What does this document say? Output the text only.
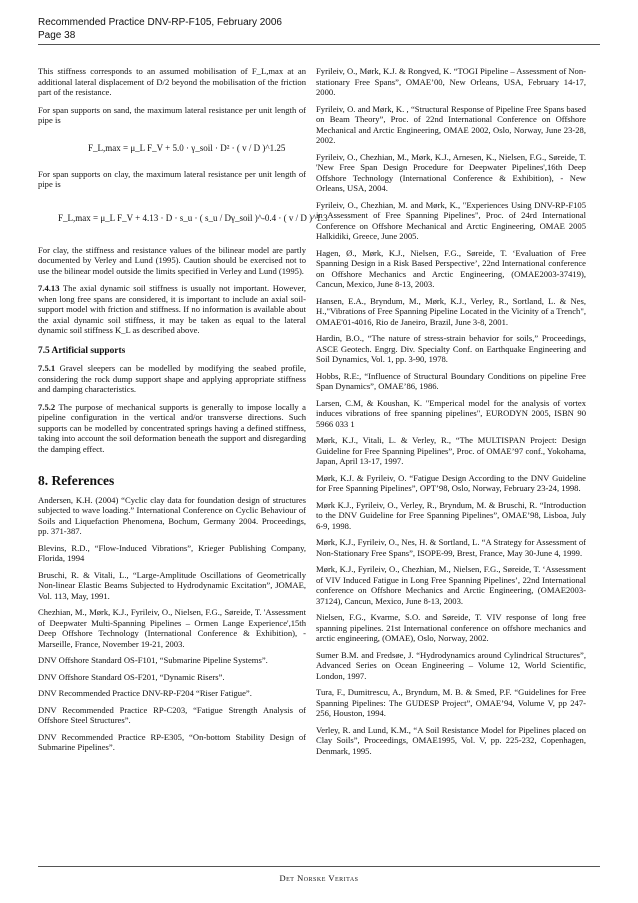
Recommended Practice DNV-RP-F105, February 2006
Page 38

This stiffness corresponds to an assumed mobilisation of F_L,max at an additional lateral displacement of D/2 beyond the mobilisation of the friction part of the resistance.

For span supports on sand, the maximum lateral resistance per unit length of pipe is

F_L,max = μ_L F_V + 5.0 · γ_soil · D² · ( v / D )^1.25

For span supports on clay, the maximum lateral resistance per unit length of pipe is

F_L,max = μ_L F_V + 4.13 · D · s_u · ( s_u / Dγ_soil )^-0.4 · ( v / D )^1.3

For clay, the stiffness and resistance values of the bilinear model are partly documented by Verley and Lund (1995). Caution should be exercised not to use the bilinear model outside the limits specified in Verley and Lund (1995).

7.4.13 The axial dynamic soil stiffness is usually not important. However, when long free spans are considered, it is important to include an axial soil-support model with friction and stiffness. If no information is available about the axial dynamic soil stiffness, it may be taken as equal to the lateral dynamic soil stiffness K_L as described above.

7.5 Artificial supports

7.5.1 Gravel sleepers can be modelled by modifying the seabed profile, considering the rock dump support shape and applying appropriate stiffness and damping characteristics.

7.5.2 The purpose of mechanical supports is generally to impose locally a pipeline configuration in the vertical and/or transverse directions. Such supports can be modelled by concentrated springs having a defined stiffness, taking into account the soil deformation beneath the support and disregarding the damping effect.

8. References

Andersen, K.H. (2004) “Cyclic clay data for foundation design of structures subjected to wave loading.” International Conference on Cyclic Behaviour of Soils and Liquefaction Phenomena, Bochum, Germany 2004. Proceedings, pp. 371-387.

Blevins, R.D., “Flow-Induced Vibrations”, Krieger Publishing Company, Florida, 1994

Bruschi, R. & Vitali, L., “Large-Amplitude Oscillations of Geometrically Non-linear Elastic Beams Subjected to Hydrodynamic Excitation”, JOMAE, Vol. 113, May, 1991.

Chezhian, M., Mørk, K.J., Fyrileiv, O., Nielsen, F.G., Søreide, T. 'Assessment of Deepwater Multi-Spanning Pipelines – Ormen Lange Experience',15th Deep Offshore Technology (International Conference & Exhibition), - Marseille, France, November 19-21, 2003.

DNV Offshore Standard OS-F101, “Submarine Pipeline Systems”.

DNV Offshore Standard OS-F201, “Dynamic Risers”.

DNV Recommended Practice DNV-RP-F204 “Riser Fatigue”.

DNV Recommended Practice RP-C203, “Fatigue Strength Analysis of Offshore Steel Structures”.

DNV Recommended Practice RP-E305, “On-bottom Stability Design of Submarine Pipelines”.

Fyrileiv, O., Mørk, K.J. & Rongved, K. “TOGI Pipeline – Assessment of Non-stationary Free Spans”, OMAE’00, New Orleans, USA, February 14-17, 2000.

Fyrileiv, O. and Mørk, K. , “Structural Response of Pipeline Free Spans based on Beam Theory”, Proc. of 22nd International Conference on Offshore Mechanical and Arctic Engineering, OMAE 2002, Oslo, Norway, June 23-28, 2002.

Fyrileiv, O., Chezhian, M., Mørk, K.J., Arnesen, K., Nielsen, F.G., Søreide, T. 'New Free Span Design Procedure for Deepwater Pipelines',16th Deep Offshore Technology (International Conference & Exhibition), - New Orleans, USA, 2004.

Fyrileiv, O., Chezhian, M. and Mørk, K., "Experiences Using DNV-RP-F105 in Assessment of Free Spanning Pipelines", Proc. of 24rd International Conference on Offshore Mechanical and Arctic Engineering, OMAE 2005 Halkidiki, Greece, June 2005.

Hagen, Ø., Mørk, K.J., Nielsen, F.G., Søreide, T. ‘Evaluation of Free Spanning Design in a Risk Based Perspective’, 22nd International conference on Offshore Mechanics and Arctic Engineering, (OMAE2003-37419), Cancun, Mexico, June 8-13, 2003.

Hansen, E.A., Bryndum, M., Mørk, K.J., Verley, R., Sortland, L. & Nes, H.,"Vibrations of Free Spanning Pipeline Located in the Vicinity of a Trench", OMAE'01-4016, Rio de Janeiro, Brazil, June 3-8, 2001.

Hardin, B.O., “The nature of stress-strain behavior for soils,” Proceedings, ASCE Geotech. Engrg. Div. Specialty Conf. on Earthquake Engineering and Soil Dynamics, Vol. 1, pp. 3-90, 1978.

Hobbs, R.E:, “Influence of Structural Boundary Conditions on pipeline Free Span Dynamics”, OMAE’86, 1986.

Larsen, C.M, & Koushan, K. "Emperical model for the analysis of vortex induces vibrations of free spanning pipelines", EURODYN 2005, ISBN 90 5966 033 1

Mørk, K.J., Vitali, L. & Verley, R., “The MULTISPAN Project: Design Guideline for Free Spanning Pipelines”, Proc. of OMAE’97 conf., Yokohama, Japan, April 13-17, 1997.

Mørk, K.J. & Fyrileiv, O. “Fatigue Design According to the DNV Guideline for Free Spanning Pipelines”, OPT’98, Oslo, Norway, February 23-24, 1998.

Mørk K.J., Fyrileiv, O., Verley, R., Bryndum, M. & Bruschi, R. “Introduction to the DNV Guideline for Free Spanning Pipelines”, OMAE’98, Lisboa, July 6-9, 1998.

Mørk, K.J., Fyrileiv, O., Nes, H. & Sortland, L. “A Strategy for Assessment of Non-Stationary Free Spans”, ISOPE-99, Brest, France, May 30-June 4, 1999.

Mørk, K.J., Fyrileiv, O., Chezhian, M., Nielsen, F.G., Søreide, T. ‘Assessment of VIV Induced Fatigue in Long Free Spanning Pipelines’, 22nd International conference on Offshore Mechanics and Arctic Engineering, (OMAE2003-37124), Cancun, Mexico, June 8-13, 2003.

Nielsen, F.G., Kvarme, S.O. and Søreide, T. VIV response of long free spanning pipelines. 21st International conference on offshore mechanics and arctic engineering, (OMAE), Oslo, Norway, 2002.

Sumer B.M. and Fredsøe, J. “Hydrodynamics around Cylindrical Structures”, Advanced Series on Ocean Engineering – Volume 12, World Scientific, London, 1997.

Tura, F., Dumitrescu, A., Bryndum, M. B. & Smed, P.F. “Guidelines for Free Spanning Pipelines: The GUDESP Project”, OMAE’94, Volume V, pp 247-256, Houston, 1994.

Verley, R. and Lund, K.M., “A Soil Resistance Model for Pipelines placed on Clay Soils”, Proceedings, OMAE1995, Vol. V, pp. 225-232, Copenhagen, Denmark, 1995.

Det Norske Veritas
